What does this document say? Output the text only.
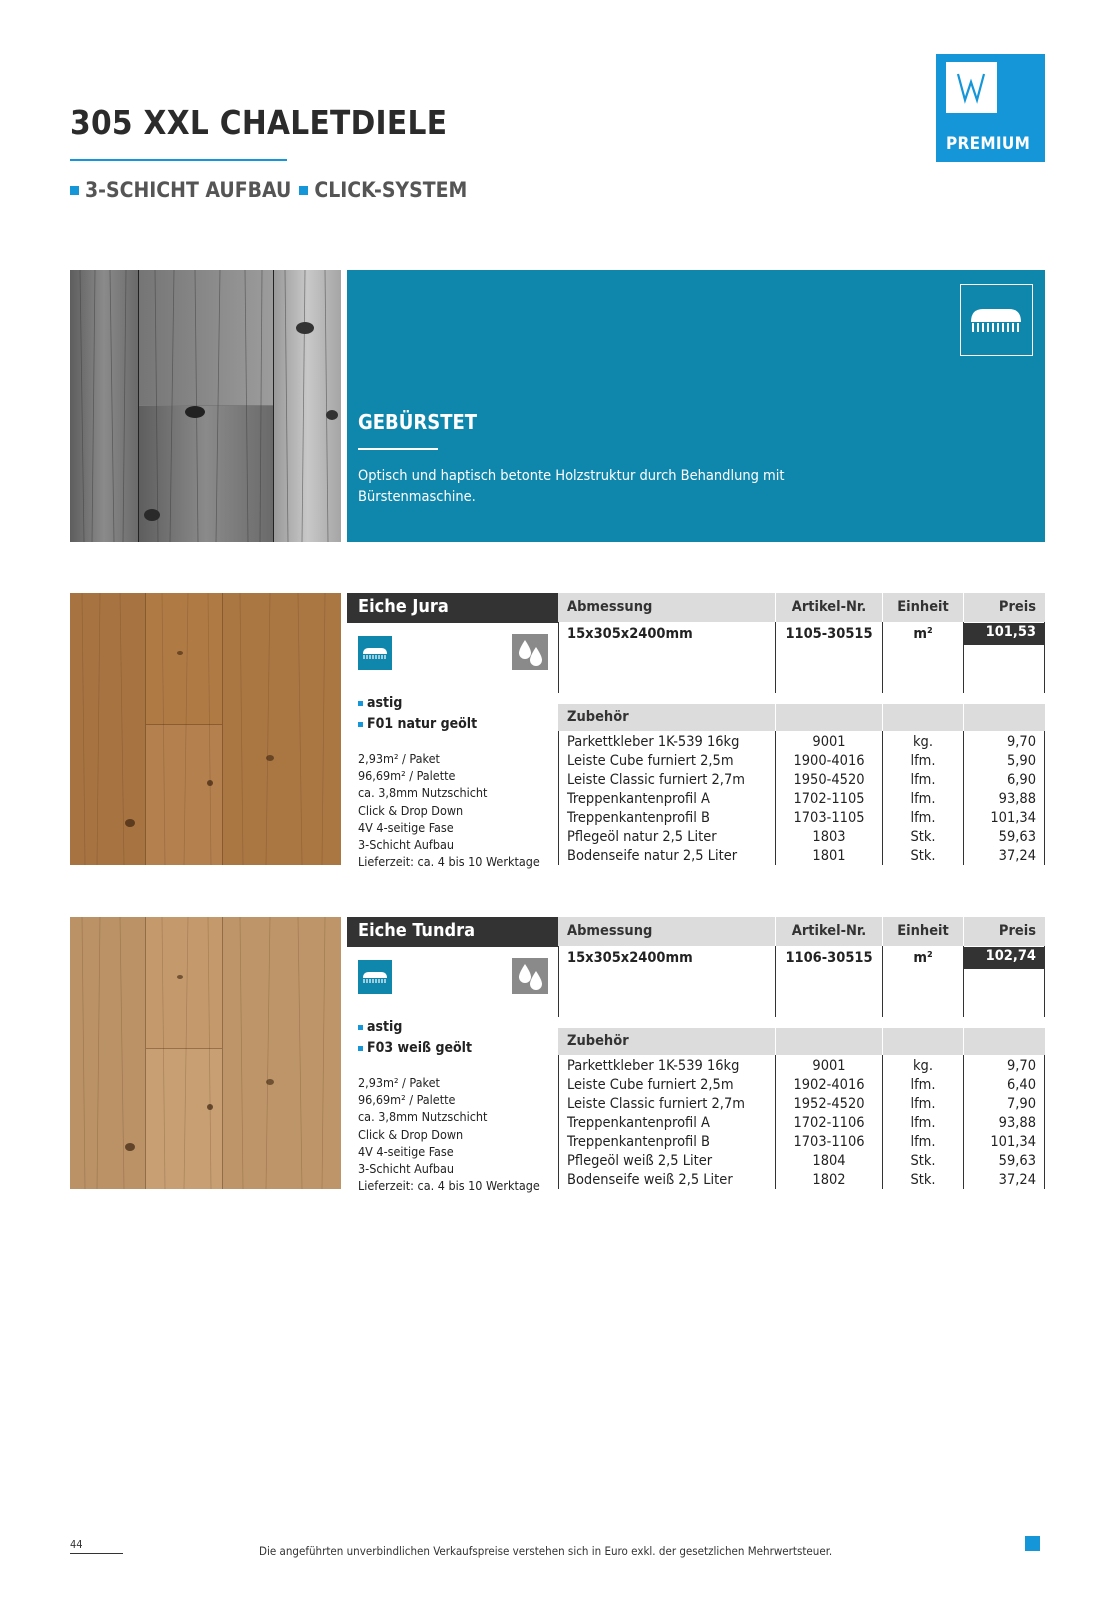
305 XXL CHALETDIELE
3-SCHICHT AUFBAU CLICK-SYSTEM
PREMIUM
GEBÜRSTET
Optisch und haptisch betonte Holzstruktur durch Behandlung mit Bürstenmaschine.
Eiche Jura
astig
F01 natur geölt
2,93m² / Paket
96,69m² / Palette
ca. 3,8mm Nutzschicht
Click & Drop Down
4V 4-seitige Fase
3-Schicht Aufbau
Lieferzeit: ca. 4 bis 10 Werktage
Abmessung	Artikel-Nr.	Einheit	Preis
15x305x2400mm	1105-30515	m²	101,53
Zubehör
Parkettkleber 1K-539 16kg	9001	kg.	9,70
Leiste Cube furniert 2,5m	1900-4016	lfm.	5,90
Leiste Classic furniert 2,7m	1950-4520	lfm.	6,90
Treppenkantenprofil A	1702-1105	lfm.	93,88
Treppenkantenprofil B	1703-1105	lfm.	101,34
Pflegeöl natur 2,5 Liter	1803	Stk.	59,63
Bodenseife natur 2,5 Liter	1801	Stk.	37,24
Eiche Tundra
astig
F03 weiß geölt
2,93m² / Paket
96,69m² / Palette
ca. 3,8mm Nutzschicht
Click & Drop Down
4V 4-seitige Fase
3-Schicht Aufbau
Lieferzeit: ca. 4 bis 10 Werktage
Abmessung	Artikel-Nr.	Einheit	Preis
15x305x2400mm	1106-30515	m²	102,74
Zubehör
Parkettkleber 1K-539 16kg	9001	kg.	9,70
Leiste Cube furniert 2,5m	1902-4016	lfm.	6,40
Leiste Classic furniert 2,7m	1952-4520	lfm.	7,90
Treppenkantenprofil A	1702-1106	lfm.	93,88
Treppenkantenprofil B	1703-1106	lfm.	101,34
Pflegeöl weiß 2,5 Liter	1804	Stk.	59,63
Bodenseife weiß 2,5 Liter	1802	Stk.	37,24
44	Die angeführten unverbindlichen Verkaufspreise verstehen sich in Euro exkl. der gesetzlichen Mehrwertsteuer.
